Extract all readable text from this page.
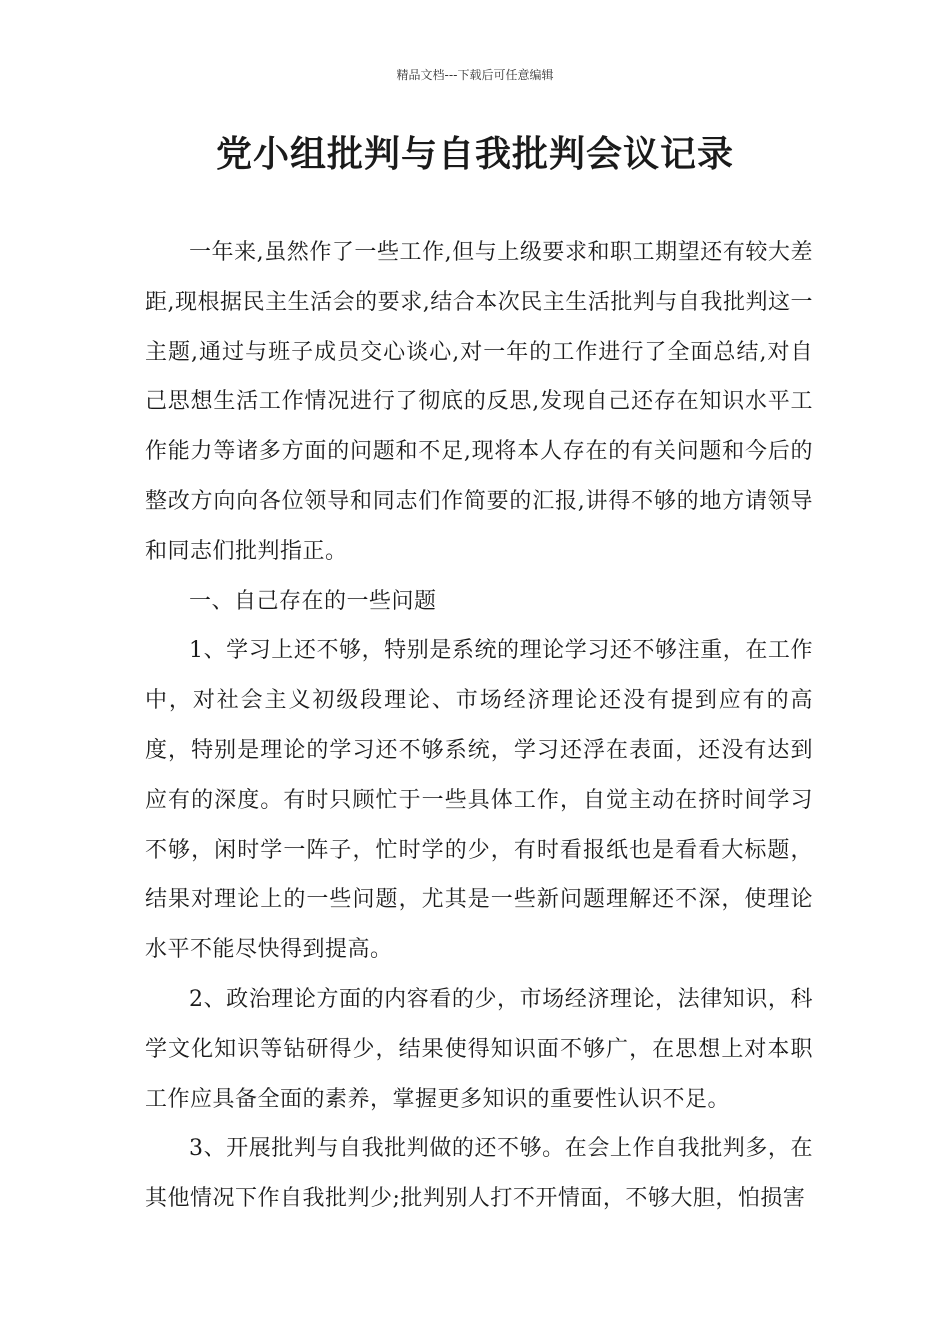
精品文档---下载后可任意编辑
党小组批判与自我批判会议记录

一年来,虽然作了一些工作,但与上级要求和职工期望还有较大差距,现根据民主生活会的要求,结合本次民主生活批判与自我批判这一主题,通过与班子成员交心谈心,对一年的工作进行了全面总结,对自己思想生活工作情况进行了彻底的反思,发现自己还存在知识水平工作能力等诸多方面的问题和不足,现将本人存在的有关问题和今后的整改方向向各位领导和同志们作简要的汇报,讲得不够的地方请领导和同志们批判指正。

一、自己存在的一些问题

1、学习上还不够，特别是系统的理论学习还不够注重，在工作中，对社会主义初级段理论、市场经济理论还没有提到应有的高度，特别是理论的学习还不够系统，学习还浮在表面，还没有达到应有的深度。有时只顾忙于一些具体工作，自觉主动在挤时间学习不够，闲时学一阵子，忙时学的少，有时看报纸也是看看大标题，结果对理论上的一些问题，尤其是一些新问题理解还不深，使理论水平不能尽快得到提高。

2、政治理论方面的内容看的少，市场经济理论，法律知识，科学文化知识等钻研得少，结果使得知识面不够广，在思想上对本职工作应具备全面的素养，掌握更多知识的重要性认识不足。

3、开展批判与自我批判做的还不够。在会上作自我批判多，在其他情况下作自我批判少;批判别人打不开情面，不够大胆，怕损害
